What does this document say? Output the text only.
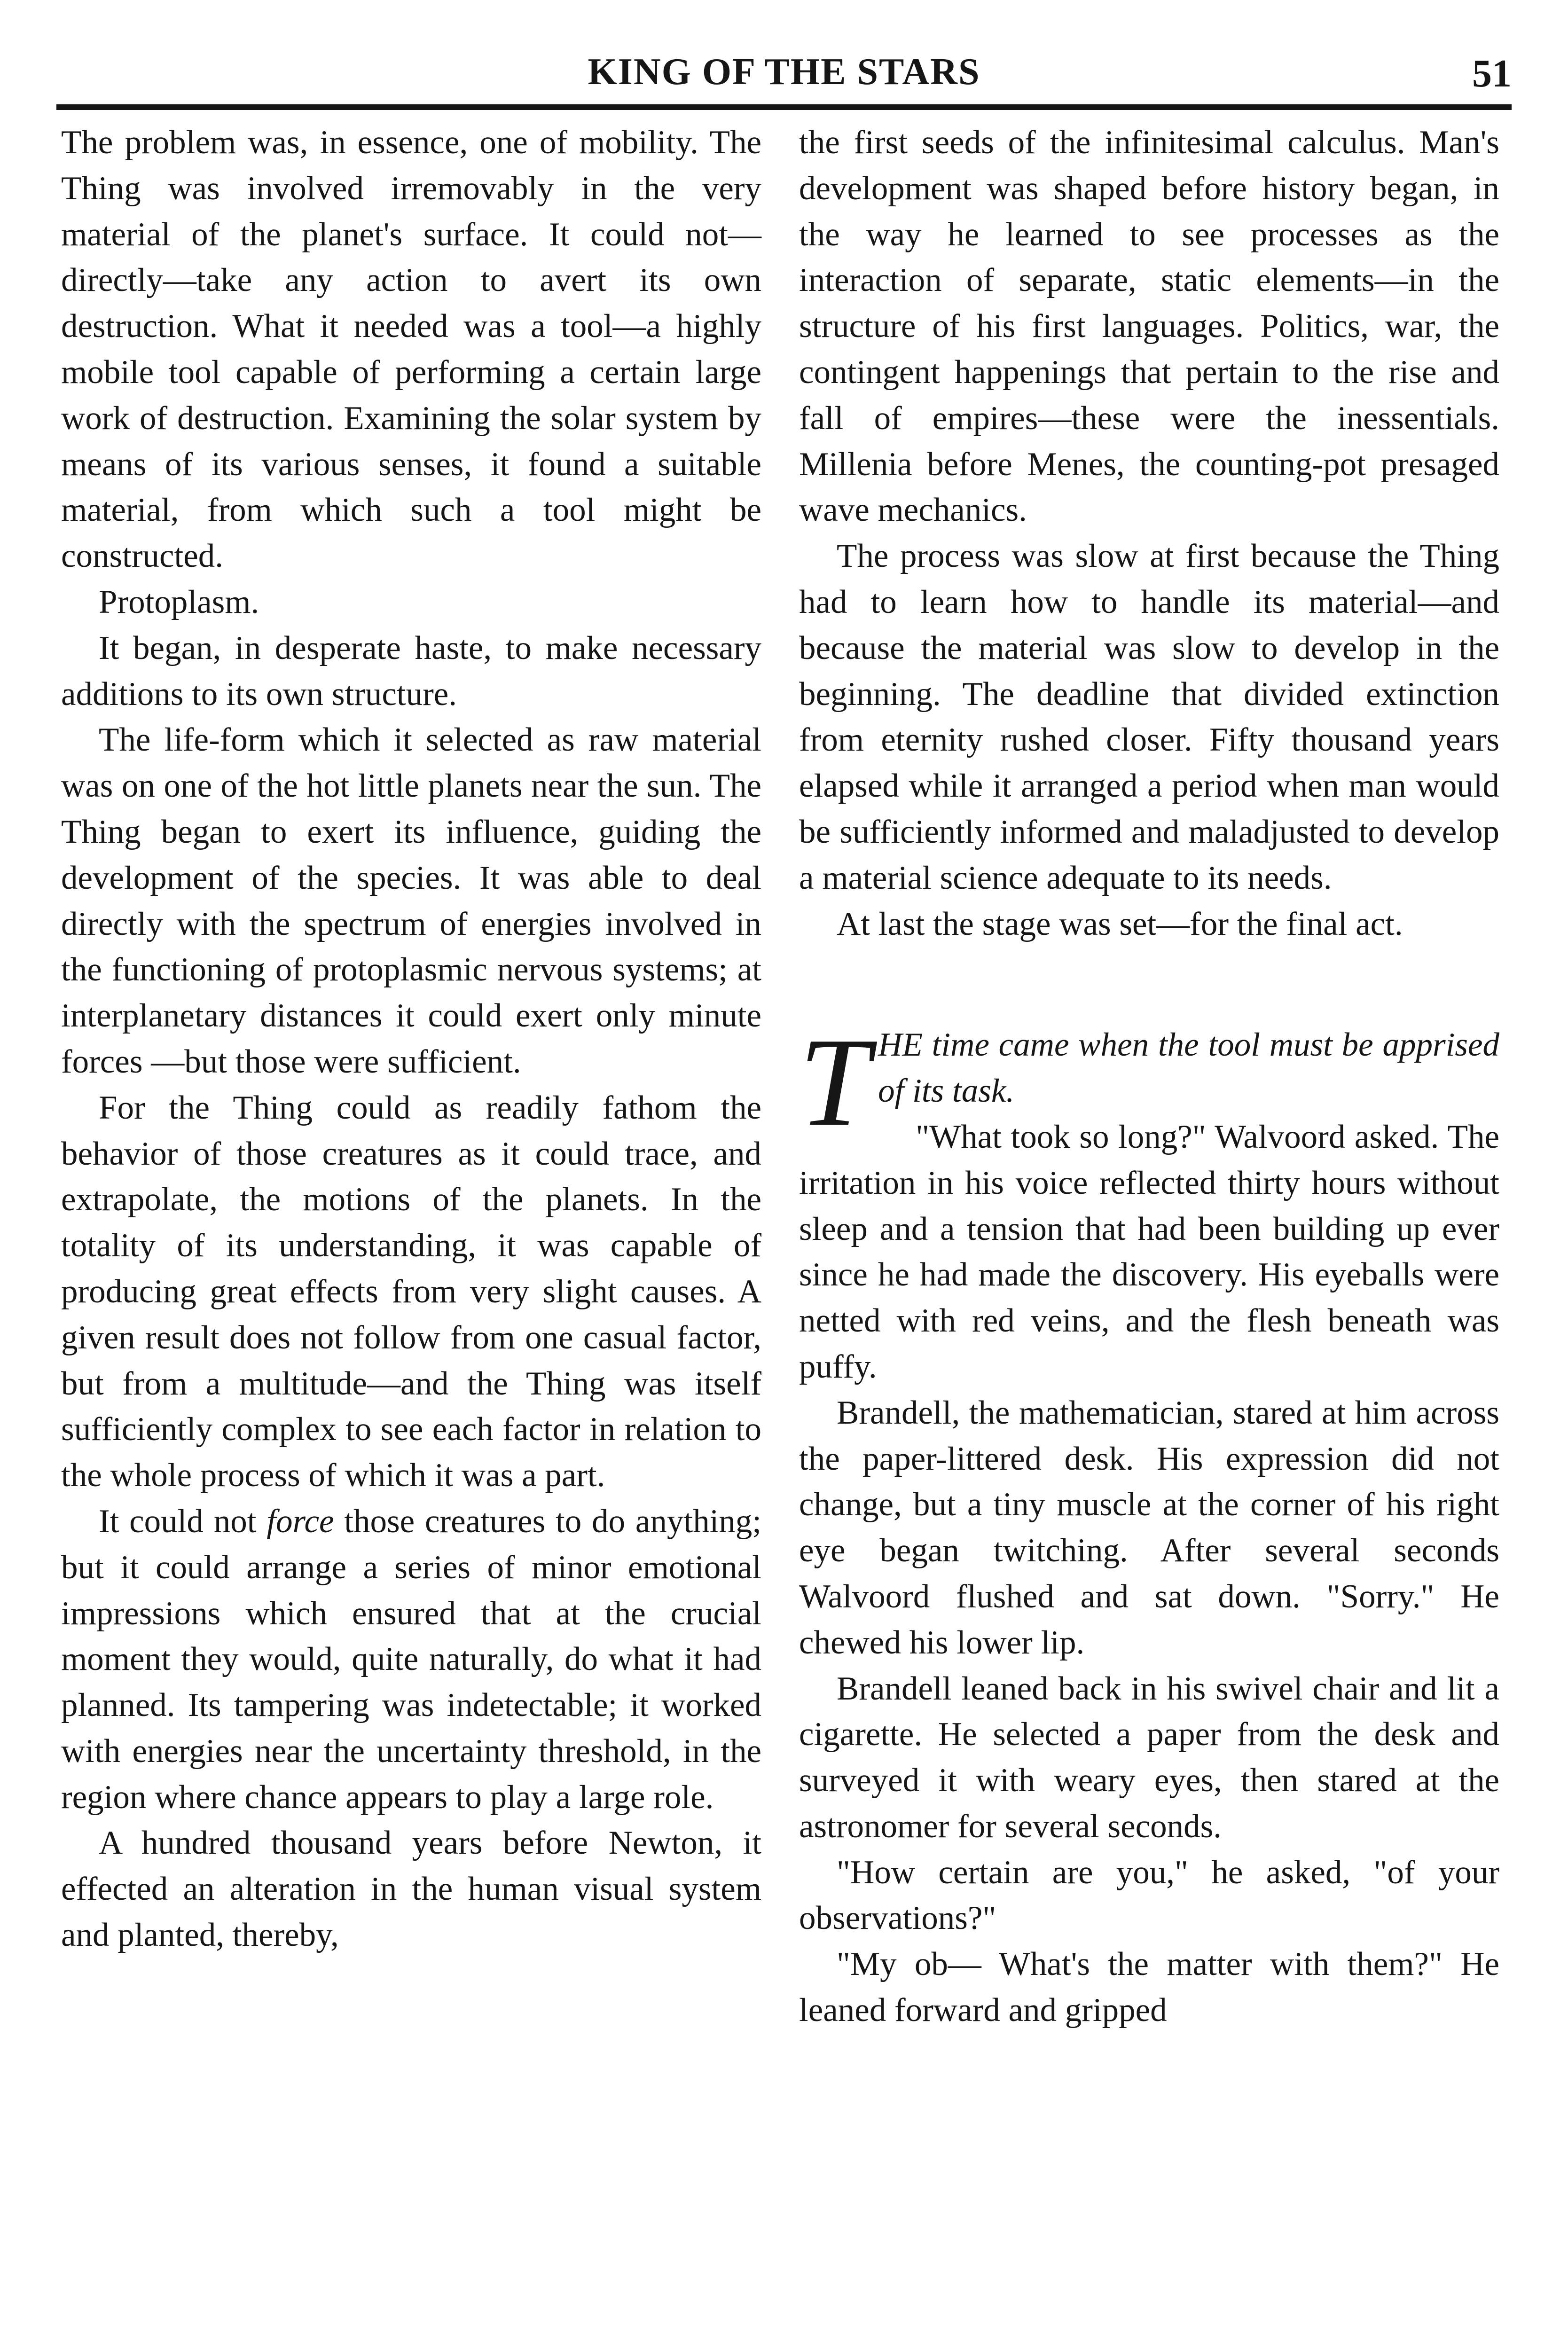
KING OF THE STARS	51

The problem was, in essence, one of mobility. The Thing was involved irremovably in the very material of the planet's surface. It could not—directly—take any action to avert its own destruction. What it needed was a tool—a highly mobile tool capable of performing a certain large work of destruction. Examining the solar system by means of its various senses, it found a suitable material, from which such a tool might be constructed.

Protoplasm.

It began, in desperate haste, to make necessary additions to its own structure.

The life-form which it selected as raw material was on one of the hot little planets near the sun. The Thing began to exert its influence, guiding the development of the species. It was able to deal directly with the spectrum of energies involved in the functioning of protoplasmic nervous systems; at interplanetary distances it could exert only minute forces —but those were sufficient.

For the Thing could as readily fathom the behavior of those creatures as it could trace, and extrapolate, the motions of the planets. In the totality of its understanding, it was capable of producing great effects from very slight causes. A given result does not follow from one casual factor, but from a multitude—and the Thing was itself sufficiently complex to see each factor in relation to the whole process of which it was a part.

It could not force those creatures to do anything; but it could arrange a series of minor emotional impressions which ensured that at the crucial moment they would, quite naturally, do what it had planned. Its tampering was indetectable; it worked with energies near the uncertainty threshold, in the region where chance appears to play a large role.

A hundred thousand years before Newton, it effected an alteration in the human visual system and planted, thereby,

the first seeds of the infinitesimal calculus. Man's development was shaped before history began, in the way he learned to see processes as the interaction of separate, static elements—in the structure of his first languages. Politics, war, the contingent happenings that pertain to the rise and fall of empires—these were the inessentials. Millenia before Menes, the counting-pot presaged wave mechanics.

The process was slow at first because the Thing had to learn how to handle its material—and because the material was slow to develop in the beginning. The deadline that divided extinction from eternity rushed closer. Fifty thousand years elapsed while it arranged a period when man would be sufficiently informed and maladjusted to develop a material science adequate to its needs.

At last the stage was set—for the final act.

THE time came when the tool must be apprised of its task.

"What took so long?" Walvoord asked. The irritation in his voice reflected thirty hours without sleep and a tension that had been building up ever since he had made the discovery. His eyeballs were netted with red veins, and the flesh beneath was puffy.

Brandell, the mathematician, stared at him across the paper-littered desk. His expression did not change, but a tiny muscle at the corner of his right eye began twitching. After several seconds Walvoord flushed and sat down. "Sorry." He chewed his lower lip.

Brandell leaned back in his swivel chair and lit a cigarette. He selected a paper from the desk and surveyed it with weary eyes, then stared at the astronomer for several seconds.

"How certain are you," he asked, "of your observations?"

"My ob— What's the matter with them?" He leaned forward and gripped
